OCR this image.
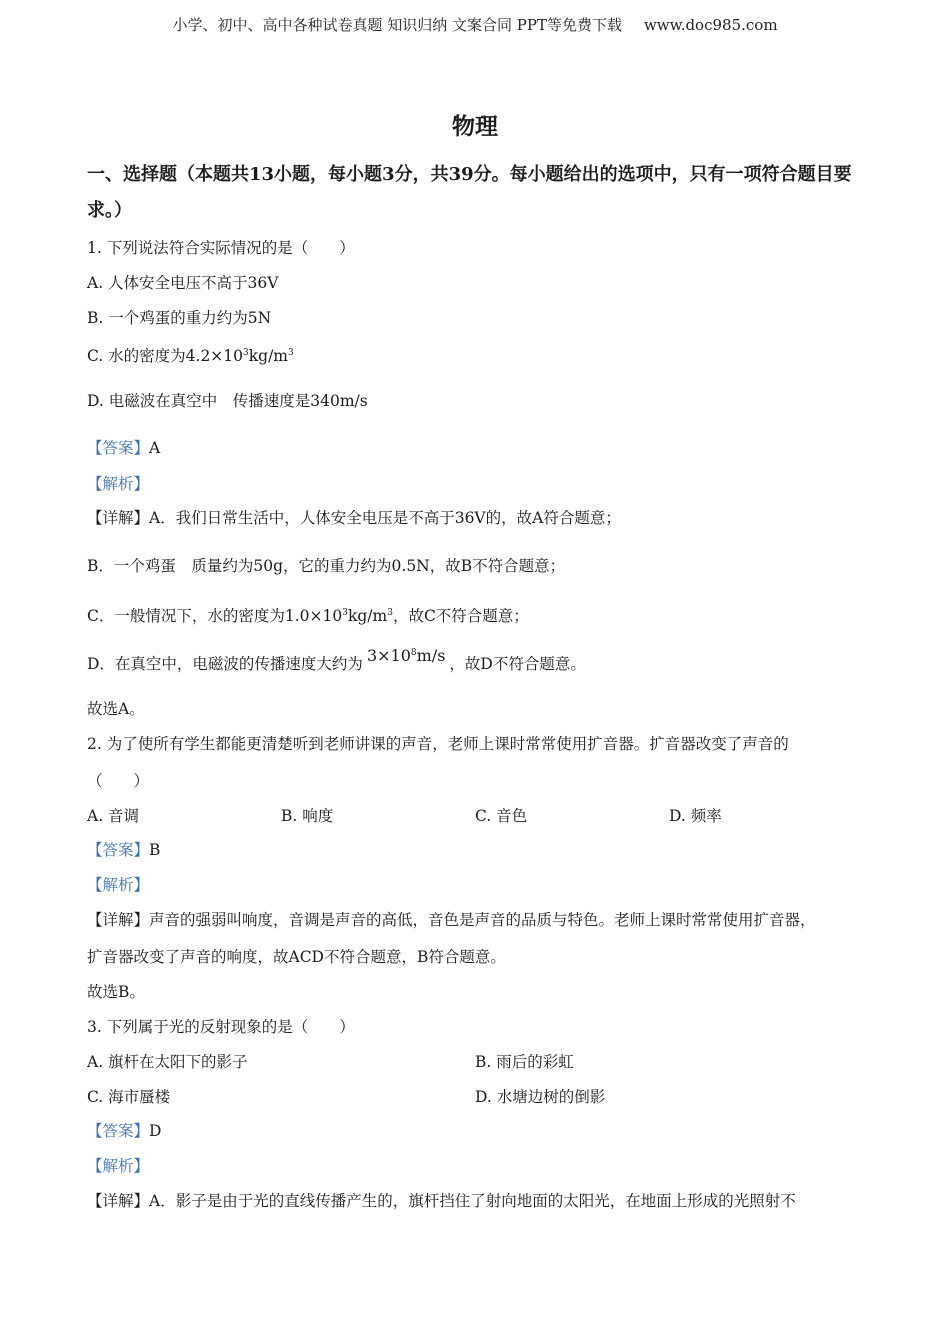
小学、初中、高中各种试卷真题 知识归纳 文案合同 PPT等免费下载 www.doc985.com
物理
一、选择题（本题共13小题，每小题3分，共39分。每小题给出的选项中，只有一项符合题目要求。）
1. 下列说法符合实际情况的是（　　）
A. 人体安全电压不高于36V
B. 一个鸡蛋的重力约为5N
C. 水的密度为$4.2\times 10^3kg/m^3$
D. 电磁波在真空中　传播速度是340m/s
【答案】A
【解析】
【详解】A．我们日常生活中，人体安全电压是不高于36V的，故A符合题意；
B．一个鸡蛋　质量约为50g，它的重力约为0.5N，故B不符合题意；
C．一般情况下，水的密度为$1.0\times 10^3kg/m^3$，故C不符合题意；
D．在真空中，电磁波的传播速度大约为 $3\times 10^8m/s$ ，故D不符合题意。
故选A。
2. 为了使所有学生都能更清楚听到老师讲课的声音，老师上课时常常使用扩音器。扩音器改变了声音的
（　　）
A. 音调	B. 响度	C. 音色	D. 频率
【答案】B
【解析】
【详解】声音的强弱叫响度，音调是声音的高低，音色是声音的品质与特色。老师上课时常常使用扩音器，
扩音器改变了声音的响度，故ACD不符合题意，B符合题意。
故选B。
3. 下列属于光的反射现象的是（　　）
A. 旗杆在太阳下的影子	B. 雨后的彩虹
C. 海市蜃楼	D. 水塘边树的倒影
【答案】D
【解析】
【详解】A．影子是由于光的直线传播产生的，旗杆挡住了射向地面的太阳光，在地面上形成的光照射不
